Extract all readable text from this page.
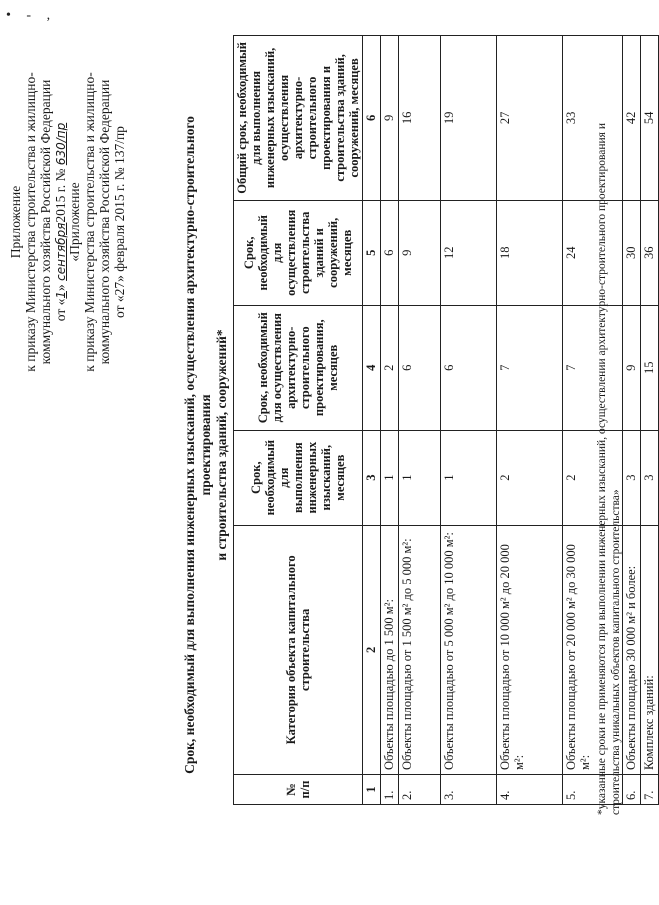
• - ,
Приложение к приказу Министерства строительства и жилищно- коммунального хозяйства Российской Федерации от «1» сентября2015 г. № 630/пр
«Приложение к приказу Министерства строительства и жилищно- коммунального хозяйства Российской Федерации от «27» февраля 2015 г. № 137/пр	Срок, необходимый для выполнения инженерных изысканий, осуществления архитектурно-строительного проектирования и строительства зданий, сооружений*
№ п/п	Категория объекта капитального строительства	Срок, необходимый для выполнения инженерных изысканий, месяцев	Срок, необходимый для осуществления архитектурно-строительного проектирования, месяцев	Срок, необходимый для осуществления строительства зданий и сооружений, месяцев	Общий срок, необходимый для выполнения инженерных изысканий, осуществления архитектурно-строительного проектирования и строительства зданий, сооружений, месяцев
1	2	3	4	5	6
1.	Объекты площадью до 1 500 м²:	1	2	6	9
2.	Объекты площадью от 1 500 м² до 5 000 м²:	1	6	9	16
3.	Объекты площадью от 5 000 м² до 10 000 м²:	1	6	12	19
4.	Объекты площадью от 10 000 м² до 20 000 м²:	2	7	18	27
5.	Объекты площадью от 20 000 м² до 30 000 м²:	2	7	24	33
6.	Объекты площадью 30 000 м² и более:	3	9	30	42
7.	Комплекс зданий:	3	15	36	54
*указанные сроки не применяются при выполнении инженерных изысканий, осуществлении архитектурно-строительного проектирования и строительства уникальных объектов капитального строительства»
